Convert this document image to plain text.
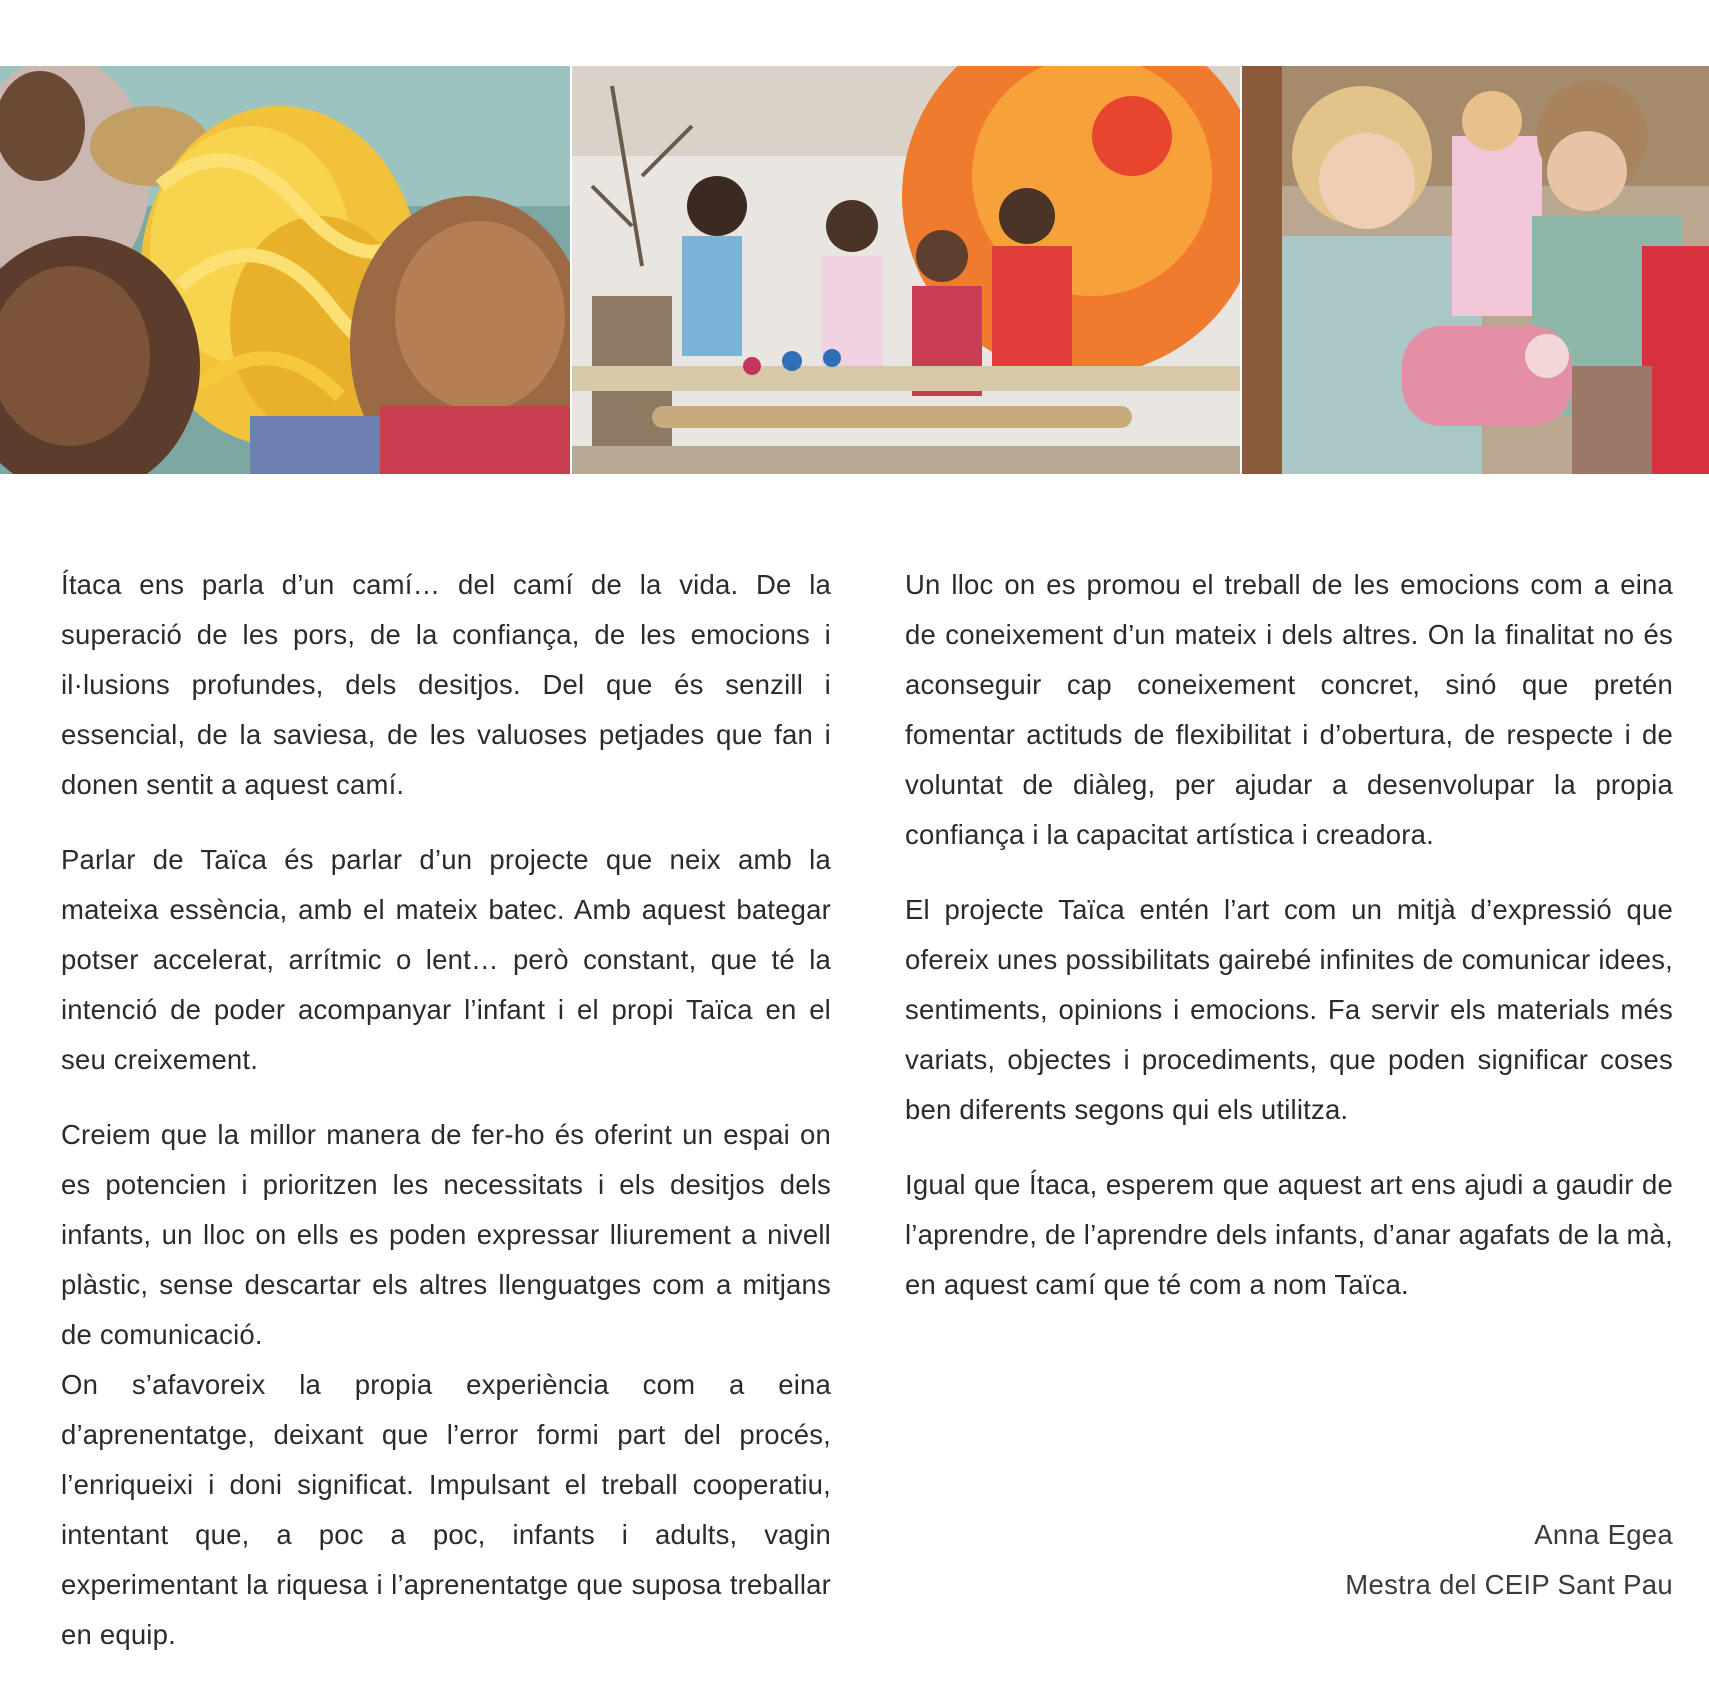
Ítaca ens parla d’un camí… del camí de la vida. De la superació de les pors, de la confiança, de les emocions i il·lusions profundes, dels desitjos. Del que és senzill i essencial, de la saviesa, de les valuoses petjades que fan i donen sentit a aquest camí.

Parlar de Taïca és parlar d’un projecte que neix amb la mateixa essència, amb el mateix batec. Amb aquest bategar potser accelerat, arrítmic o lent… però constant, que té la intenció de poder acompanyar l’infant i el propi Taïca en el seu creixement.

Creiem que la millor manera de fer-ho és oferint un espai on es potencien i prioritzen les necessitats i els desitjos dels infants, un lloc on ells es poden expressar lliurement a nivell plàstic, sense descartar els altres llenguatges com a mitjans de comunicació.

On s’afavoreix la propia experiència com a eina d’aprenentatge, deixant que l’error formi part del procés, l’enriqueixi i doni significat. Impulsant el treball cooperatiu, intentant que, a poc a poc, infants i adults, vagin experimentant la riquesa i l’aprenentatge que suposa treballar en equip.

Un lloc on es promou el treball de les emocions com a eina de coneixement d’un mateix i dels altres. On la finalitat no és aconseguir cap coneixement concret, sinó que pretén fomentar actituds de flexibilitat i d’obertura, de respecte i de voluntat de diàleg, per ajudar a desenvolupar la propia confiança i la capacitat artística i creadora.

El projecte Taïca entén l’art com un mitjà d’expressió que ofereix unes possibilitats gairebé infinites de comunicar idees, sentiments, opinions i emocions. Fa servir els materials més variats, objectes i procediments, que poden significar coses ben diferents segons qui els utilitza.

Igual que Ítaca, esperem que aquest art ens ajudi a gaudir de l’aprendre, de l’aprendre dels infants, d’anar agafats de la mà, en aquest camí que té com a nom Taïca.

Anna Egea
Mestra del CEIP Sant Pau
